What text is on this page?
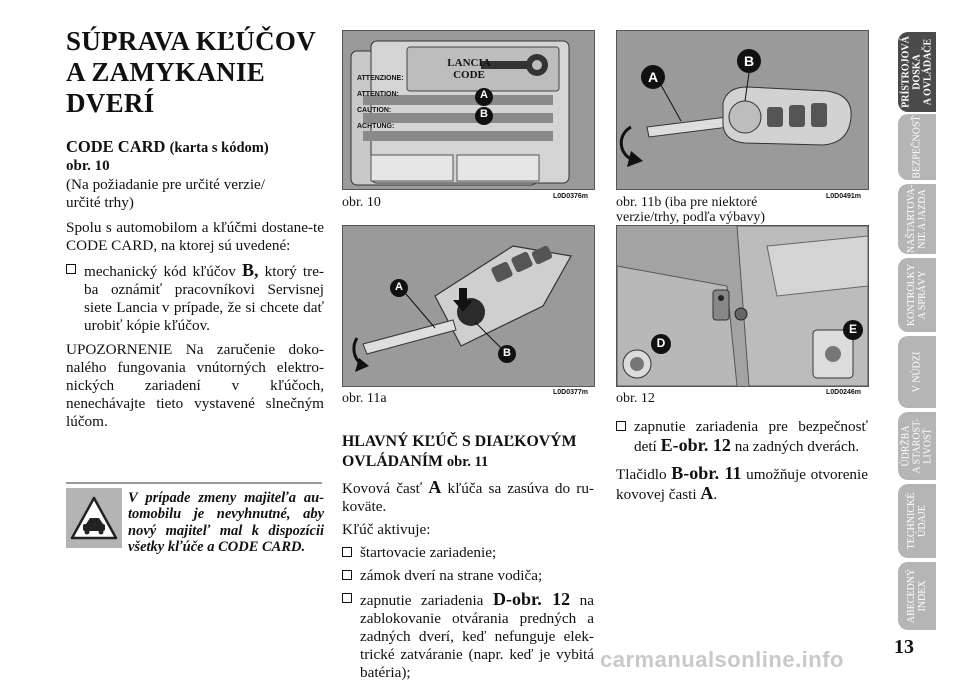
SÚPRAVA KĽÚČOV
A ZAMYKANIE
DVERÍ
CODE CARD (karta s kódom)
obr. 10
(Na požiadanie pre určité verzie/
určité trhy)
Spolu s automobilom a kľúčmi dostane-te CODE CARD, na ktorej sú uvedené:
mechanický kód kľúčov B, ktorý tre-ba oznámiť pracovníkovi Servisnej siete Lancia v prípade, že si chcete dať urobiť kópie kľúčov.
UPOZORNENIE Na zaručenie doko-nalého fungovania vnútorných elektro-nických zariadení v kľúčoch, nenechávajte tieto vystavené slnečným lúčom.
V prípade zmeny majiteľa au-tomobilu je nevyhnutné, aby nový majiteľ mal k dispozícii všetky kľúče a CODE CARD.
LANCIA
CODE
ATTENZIONE:
ATTENTION:
CAUTION:
ACHTUNG:
A
B
obr. 10	L0D0376m
A
B
obr. 11a	L0D0377m
A
B
obr. 11b (iba pre niektoré
verzie/trhy, podľa výbavy)
L0D0491m
D
E
obr. 12	L0D0246m
HLAVNÝ KĽÚČ S DIAĽKOVÝM
OVLÁDANÍM obr. 11
Kovová časť A kľúča sa zasúva do ru-koväte.
Kľúč aktivuje:
štartovacie zariadenie;
zámok dverí na strane vodiča;
zapnutie zariadenia D-obr. 12 na zablokovanie otvárania predných a zadných dverí, keď nefunguje elek-trické zatváranie (napr. keď je vybitá batéria);
zapnutie zariadenia pre bezpečnosť detí E-obr. 12 na zadných dverách.
Tlačidlo B-obr. 11 umožňuje otvorenie kovovej časti A.
PRÍSTROJOVÁ DOSKA A OVLÁDAČE
BEZPEČNOSŤ
NAŠTARTOVA- NIE A JAZDA
KONTROLKY A SPRÁVY
V NÚDZI
ÚDRŽBA A STAROST- LIVOSŤ
TECHNICKÉ ÚDAJE
ABECEDNÝ INDEX
13
carmanualsonline.info
